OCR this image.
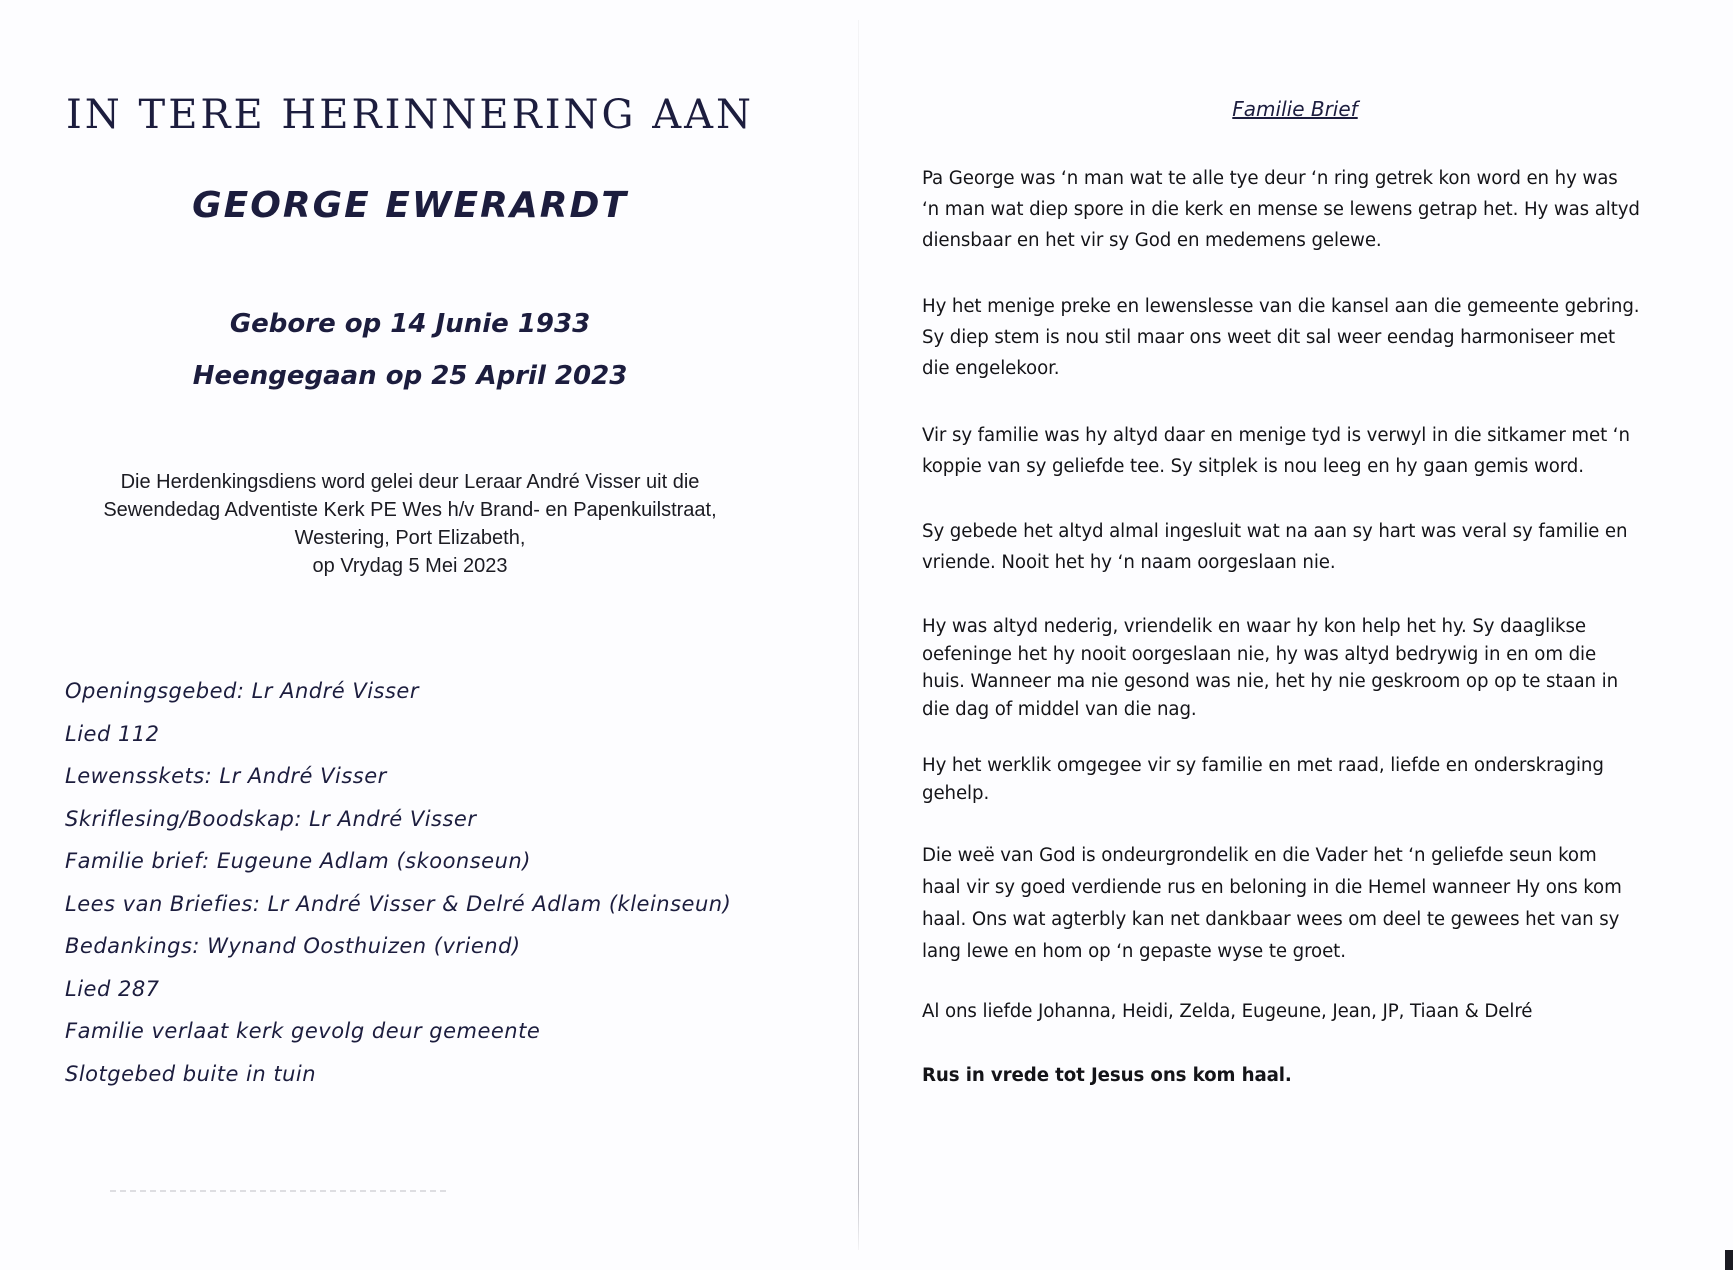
IN TERE HERINNERING AAN
GEORGE EWERARDT
Gebore op 14 Junie 1933
Heengegaan op 25 April 2023
Die Herdenkingsdiens word gelei deur Leraar André Visser uit die
Sewendedag Adventiste Kerk PE Wes h/v Brand- en Papenkuilstraat,
Westering, Port Elizabeth,
op Vrydag 5 Mei 2023
Openingsgebed: Lr André Visser
Lied 112
Lewensskets: Lr André Visser
Skriflesing/Boodskap: Lr André Visser
Familie brief: Eugeune Adlam (skoonseun)
Lees van Briefies: Lr André Visser & Delré Adlam (kleinseun)
Bedankings: Wynand Oosthuizen (vriend)
Lied 287
Familie verlaat kerk gevolg deur gemeente
Slotgebed buite in tuin
Familie Brief
Pa George was ‘n man wat te alle tye deur ‘n ring getrek kon word en hy was
‘n man wat diep spore in die kerk en mense se lewens getrap het. Hy was altyd
diensbaar en het vir sy God en medemens gelewe.
Hy het menige preke en lewenslesse van die kansel aan die gemeente gebring.
Sy diep stem is nou stil maar ons weet dit sal weer eendag harmoniseer met
die engelekoor.
Vir sy familie was hy altyd daar en menige tyd is verwyl in die sitkamer met ‘n
koppie van sy geliefde tee. Sy sitplek is nou leeg en hy gaan gemis word.
Sy gebede het altyd almal ingesluit wat na aan sy hart was veral sy familie en
vriende. Nooit het hy ‘n naam oorgeslaan nie.
Hy was altyd nederig, vriendelik en waar hy kon help het hy. Sy daaglikse
oefeninge het hy nooit oorgeslaan nie, hy was altyd bedrywig in en om die
huis. Wanneer ma nie gesond was nie, het hy nie geskroom op op te staan in
die dag of middel van die nag.
Hy het werklik omgegee vir sy familie en met raad, liefde en onderskraging
gehelp.
Die weë van God is ondeurgrondelik en die Vader het ‘n geliefde seun kom
haal vir sy goed verdiende rus en beloning in die Hemel wanneer Hy ons kom
haal. Ons wat agterbly kan net dankbaar wees om deel te gewees het van sy
lang lewe en hom op ‘n gepaste wyse te groet.
Al ons liefde Johanna, Heidi, Zelda, Eugeune, Jean, JP, Tiaan & Delré
Rus in vrede tot Jesus ons kom haal.
